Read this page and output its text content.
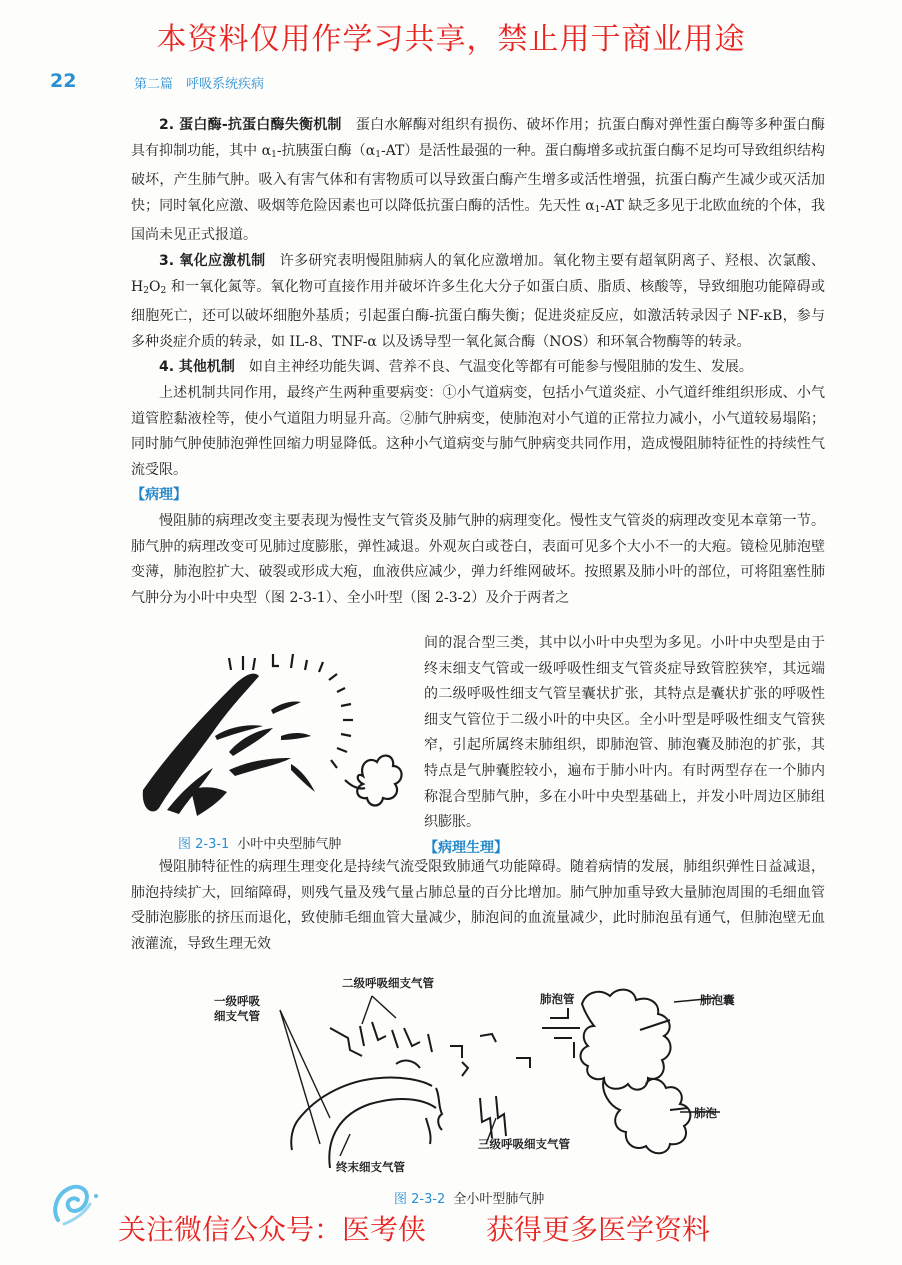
本资料仅用作学习共享，禁止用于商业用途
22	第二篇　呼吸系统疾病

2. 蛋白酶-抗蛋白酶失衡机制　蛋白水解酶对组织有损伤、破坏作用；抗蛋白酶对弹性蛋白酶等多种蛋白酶具有抑制功能，其中 $\alpha_1-$抗胰蛋白酶$(\alpha_1-AT)$是活性最强的一种。蛋白酶增多或抗蛋白酶不足均可导致组织结构破坏，产生肺气肿。吸入有害气体和有害物质可以导致蛋白酶产生增多或活性增强，抗蛋白酶产生减少或灭活加快；同时氧化应激、吸烟等危险因素也可以降低抗蛋白酶的活性。先天性 $\alpha_1-AT$ 缺乏多见于北欧血统的个体，我国尚未见正式报道。

3. 氧化应激机制　许多研究表明慢阻肺病人的氧化应激增加。氧化物主要有超氧阴离子、羟根、次氯酸、$H_2O_2$ 和一氧化氮等。氧化物可直接作用并破坏许多生化大分子如蛋白质、脂质、核酸等，导致细胞功能障碍或细胞死亡，还可以破坏细胞外基质；引起蛋白酶-抗蛋白酶失衡；促进炎症反应，如激活转录因子 NF-κB，参与多种炎症介质的转录，如 IL-8、TNF-α 以及诱导型一氧化氮合酶（NOS）和环氧合物酶等的转录。

4. 其他机制　如自主神经功能失调、营养不良、气温变化等都有可能参与慢阻肺的发生、发展。

上述机制共同作用，最终产生两种重要病变：①小气道病变，包括小气道炎症、小气道纤维组织形成、小气道管腔黏液栓等，使小气道阻力明显升高。②肺气肿病变，使肺泡对小气道的正常拉力减小，小气道较易塌陷；同时肺气肿使肺泡弹性回缩力明显降低。这种小气道病变与肺气肿病变共同作用，造成慢阻肺特征性的持续性气流受限。

【病理】

慢阻肺的病理改变主要表现为慢性支气管炎及肺气肿的病理变化。慢性支气管炎的病理改变见本章第一节。肺气肿的病理改变可见肺过度膨胀，弹性减退。外观灰白或苍白，表面可见多个大小不一的大疱。镜检见肺泡壁变薄，肺泡腔扩大、破裂或形成大疱，血液供应减少，弹力纤维网破坏。按照累及肺小叶的部位，可将阻塞性肺气肿分为小叶中央型（图 2-3-1）、全小叶型（图 2-3-2）及介于两者之

图 2-3-1 小叶中央型肺气肿

间的混合型三类，其中以小叶中央型为多见。小叶中央型是由于终末细支气管或一级呼吸性细支气管炎症导致管腔狭窄，其远端的二级呼吸性细支气管呈囊状扩张，其特点是囊状扩张的呼吸性细支气管位于二级小叶的中央区。全小叶型是呼吸性细支气管狭窄，引起所属终末肺组织，即肺泡管、肺泡囊及肺泡的扩张，其特点是气肿囊腔较小，遍布于肺小叶内。有时两型存在一个肺内称混合型肺气肿，多在小叶中央型基础上，并发小叶周边区肺组织膨胀。

【病理生理】

慢阻肺特征性的病理生理变化是持续气流受限致肺通气功能障碍。随着病情的发展，肺组织弹性日益减退，肺泡持续扩大，回缩障碍，则残气量及残气量占肺总量的百分比增加。肺气肿加重导致大量肺泡周围的毛细血管受肺泡膨胀的挤压而退化，致使肺毛细血管大量减少，肺泡间的血流量减少，此时肺泡虽有通气，但肺泡壁无血液灌流，导致生理无效

一级呼吸
细支气管
二级呼吸细支气管
肺泡管	肺泡囊
肺泡
三级呼吸细支气管
终末细支气管
图 2-3-2 全小叶型肺气肿
关注微信公众号：医考侠 获得更多医学资料
